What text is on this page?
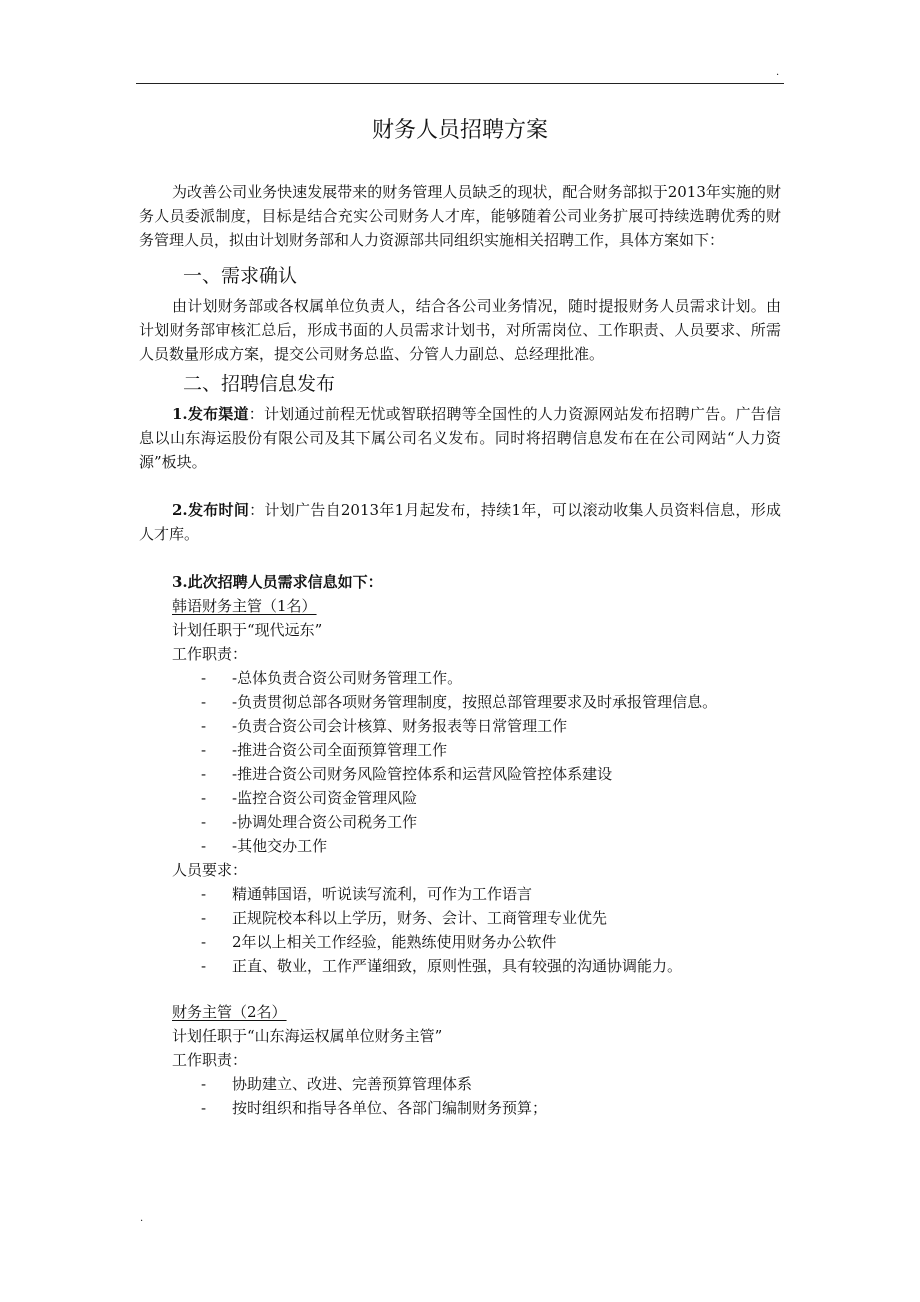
.
财务人员招聘方案

为改善公司业务快速发展带来的财务管理人员缺乏的现状，配合财务部拟于2013年实施的财务人员委派制度，目标是结合充实公司财务人才库，能够随着公司业务扩展可持续选聘优秀的财务管理人员，拟由计划财务部和人力资源部共同组织实施相关招聘工作，具体方案如下：

一、需求确认

由计划财务部或各权属单位负责人，结合各公司业务情况，随时提报财务人员需求计划。由计划财务部审核汇总后，形成书面的人员需求计划书，对所需岗位、工作职责、人员要求、所需人员数量形成方案，提交公司财务总监、分管人力副总、总经理批准。

二、招聘信息发布

1.发布渠道：计划通过前程无忧或智联招聘等全国性的人力资源网站发布招聘广告。广告信息以山东海运股份有限公司及其下属公司名义发布。同时将招聘信息发布在在公司网站“人力资源”板块。

2.发布时间：计划广告自2013年1月起发布，持续1年，可以滚动收集人员资料信息，形成人才库。

3.此次招聘人员需求信息如下：

韩语财务主管（1名）

计划任职于“现代远东”

工作职责：

- -总体负责合资公司财务管理工作。
- -负责贯彻总部各项财务管理制度，按照总部管理要求及时承报管理信息。
- -负责合资公司会计核算、财务报表等日常管理工作
- -推进合资公司全面预算管理工作
- -推进合资公司财务风险管控体系和运营风险管控体系建设
- -监控合资公司资金管理风险
- -协调处理合资公司税务工作
- -其他交办工作

人员要求：

- 精通韩国语，听说读写流利，可作为工作语言
- 正规院校本科以上学历，财务、会计、工商管理专业优先
- 2年以上相关工作经验，能熟练使用财务办公软件
- 正直、敬业，工作严谨细致，原则性强，具有较强的沟通协调能力。

财务主管（2名）

计划任职于“山东海运权属单位财务主管”

工作职责：

- 协助建立、改进、完善预算管理体系
- 按时组织和指导各单位、各部门编制财务预算；
.
